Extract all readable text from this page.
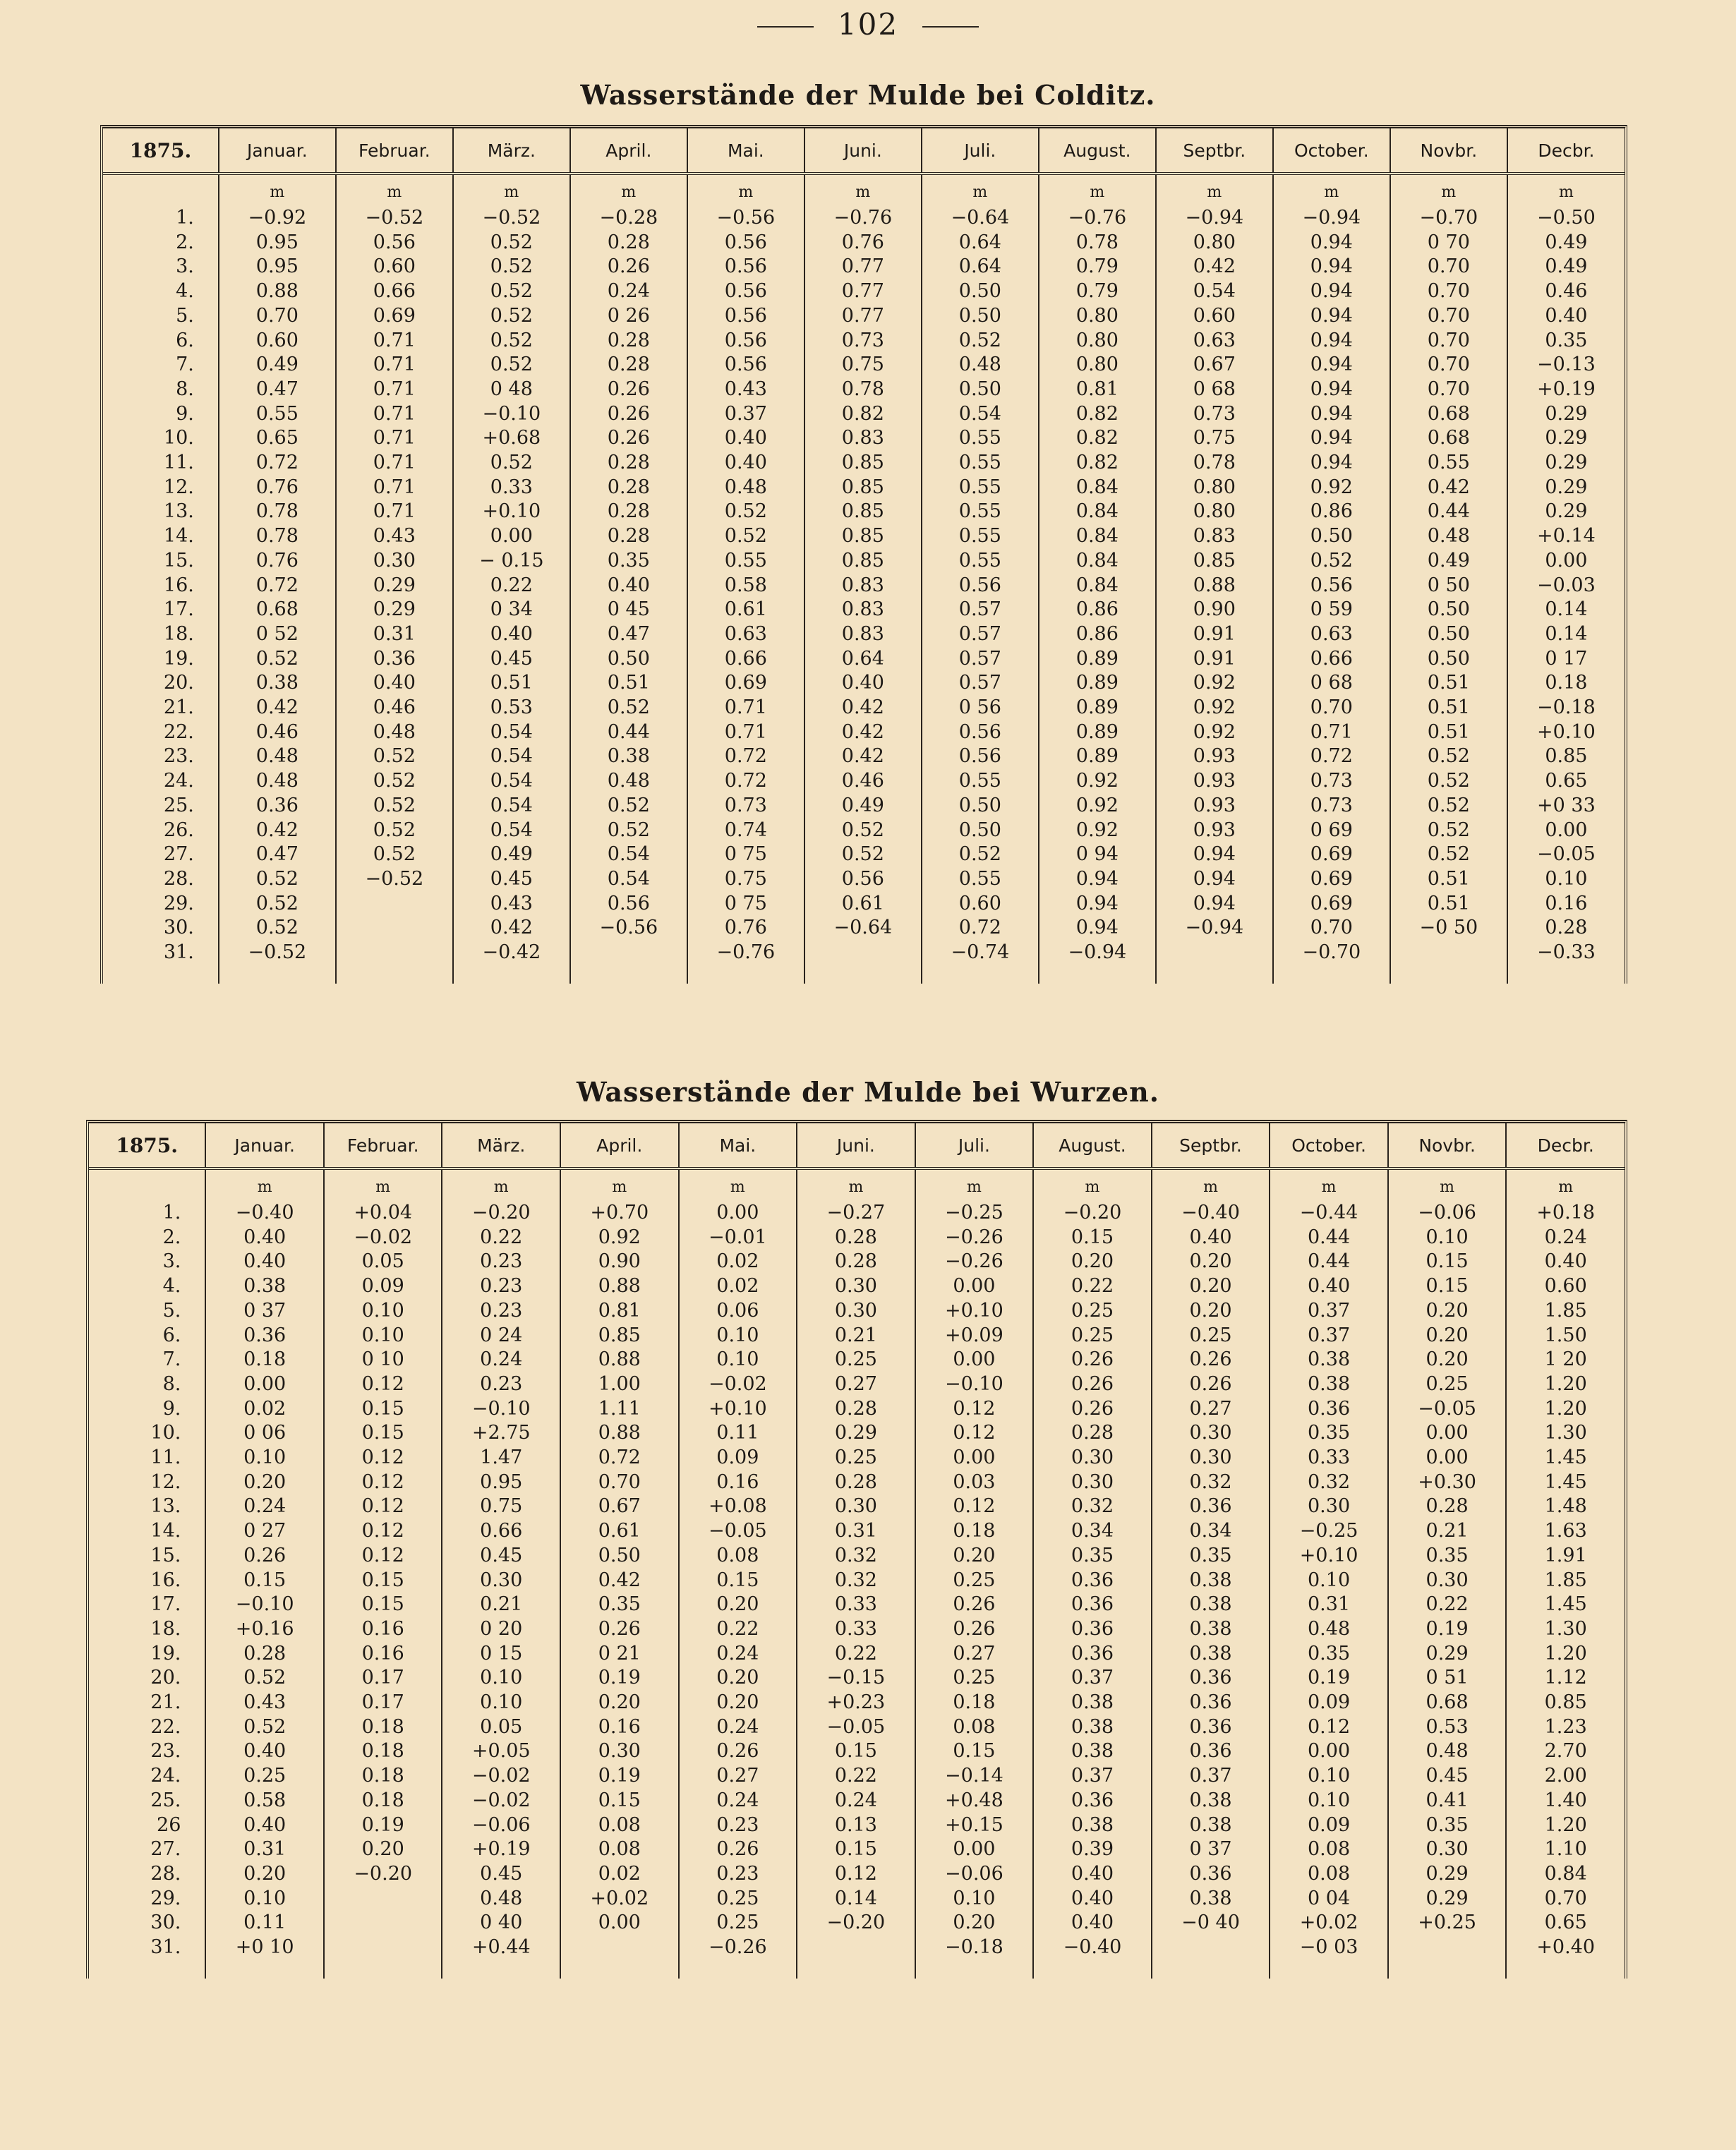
102
Wasserstände der Mulde bei Colditz.
1875.	Januar.	Februar.	März.	April.	Mai.	Juni.	Juli.	August.	Septbr.	October.	Novbr.	Decbr.
	m	m	m	m	m	m	m	m	m	m	m	m
1.	−0.92	−0.52	−0.52	−0.28	−0.56	−0.76	−0.64	−0.76	−0.94	−0.94	−0.70	−0.50
2.	0.95	0.56	0.52	0.28	0.56	0.76	0.64	0.78	0.80	0.94	0 70	0.49
3.	0.95	0.60	0.52	0.26	0.56	0.77	0.64	0.79	0.42	0.94	0.70	0.49
4.	0.88	0.66	0.52	0.24	0.56	0.77	0.50	0.79	0.54	0.94	0.70	0.46
5.	0.70	0.69	0.52	0 26	0.56	0.77	0.50	0.80	0.60	0.94	0.70	0.40
6.	0.60	0.71	0.52	0.28	0.56	0.73	0.52	0.80	0.63	0.94	0.70	0.35
7.	0.49	0.71	0.52	0.28	0.56	0.75	0.48	0.80	0.67	0.94	0.70	−0.13
8.	0.47	0.71	0 48	0.26	0.43	0.78	0.50	0.81	0 68	0.94	0.70	+0.19
9.	0.55	0.71	−0.10	0.26	0.37	0.82	0.54	0.82	0.73	0.94	0.68	0.29
10.	0.65	0.71	+0.68	0.26	0.40	0.83	0.55	0.82	0.75	0.94	0.68	0.29
11.	0.72	0.71	0.52	0.28	0.40	0.85	0.55	0.82	0.78	0.94	0.55	0.29
12.	0.76	0.71	0.33	0.28	0.48	0.85	0.55	0.84	0.80	0.92	0.42	0.29
13.	0.78	0.71	+0.10	0.28	0.52	0.85	0.55	0.84	0.80	0.86	0.44	0.29
14.	0.78	0.43	0.00	0.28	0.52	0.85	0.55	0.84	0.83	0.50	0.48	+0.14
15.	0.76	0.30	− 0.15	0.35	0.55	0.85	0.55	0.84	0.85	0.52	0.49	0.00
16.	0.72	0.29	0.22	0.40	0.58	0.83	0.56	0.84	0.88	0.56	0 50	−0.03
17.	0.68	0.29	0 34	0 45	0.61	0.83	0.57	0.86	0.90	0 59	0.50	0.14
18.	0 52	0.31	0.40	0.47	0.63	0.83	0.57	0.86	0.91	0.63	0.50	0.14
19.	0.52	0.36	0.45	0.50	0.66	0.64	0.57	0.89	0.91	0.66	0.50	0 17
20.	0.38	0.40	0.51	0.51	0.69	0.40	0.57	0.89	0.92	0 68	0.51	0.18
21.	0.42	0.46	0.53	0.52	0.71	0.42	0 56	0.89	0.92	0.70	0.51	−0.18
22.	0.46	0.48	0.54	0.44	0.71	0.42	0.56	0.89	0.92	0.71	0.51	+0.10
23.	0.48	0.52	0.54	0.38	0.72	0.42	0.56	0.89	0.93	0.72	0.52	0.85
24.	0.48	0.52	0.54	0.48	0.72	0.46	0.55	0.92	0.93	0.73	0.52	0.65
25.	0.36	0.52	0.54	0.52	0.73	0.49	0.50	0.92	0.93	0.73	0.52	+0 33
26.	0.42	0.52	0.54	0.52	0.74	0.52	0.50	0.92	0.93	0 69	0.52	0.00
27.	0.47	0.52	0.49	0.54	0 75	0.52	0.52	0 94	0.94	0.69	0.52	−0.05
28.	0.52	−0.52	0.45	0.54	0.75	0.56	0.55	0.94	0.94	0.69	0.51	0.10
29.	0.52		0.43	0.56	0 75	0.61	0.60	0.94	0.94	0.69	0.51	0.16
30.	0.52		0.42	−0.56	0.76	−0.64	0.72	0.94	−0.94	0.70	−0 50	0.28
31.	−0.52		−0.42		−0.76		−0.74	−0.94		−0.70		−0.33

Wasserstände der Mulde bei Wurzen.
1875.	Januar.	Februar.	März.	April.	Mai.	Juni.	Juli.	August.	Septbr.	October.	Novbr.	Decbr.
	m	m	m	m	m	m	m	m	m	m	m	m
1.	−0.40	+0.04	−0.20	+0.70	0.00	−0.27	−0.25	−0.20	−0.40	−0.44	−0.06	+0.18
2.	0.40	−0.02	0.22	0.92	−0.01	0.28	−0.26	0.15	0.40	0.44	0.10	0.24
3.	0.40	0.05	0.23	0.90	0.02	0.28	−0.26	0.20	0.20	0.44	0.15	0.40
4.	0.38	0.09	0.23	0.88	0.02	0.30	0.00	0.22	0.20	0.40	0.15	0.60
5.	0 37	0.10	0.23	0.81	0.06	0.30	+0.10	0.25	0.20	0.37	0.20	1.85
6.	0.36	0.10	0 24	0.85	0.10	0.21	+0.09	0.25	0.25	0.37	0.20	1.50
7.	0.18	0 10	0.24	0.88	0.10	0.25	0.00	0.26	0.26	0.38	0.20	1 20
8.	0.00	0.12	0.23	1.00	−0.02	0.27	−0.10	0.26	0.26	0.38	0.25	1.20
9.	0.02	0.15	−0.10	1.11	+0.10	0.28	0.12	0.26	0.27	0.36	−0.05	1.20
10.	0 06	0.15	+2.75	0.88	0.11	0.29	0.12	0.28	0.30	0.35	0.00	1.30
11.	0.10	0.12	1.47	0.72	0.09	0.25	0.00	0.30	0.30	0.33	0.00	1.45
12.	0.20	0.12	0.95	0.70	0.16	0.28	0.03	0.30	0.32	0.32	+0.30	1.45
13.	0.24	0.12	0.75	0.67	+0.08	0.30	0.12	0.32	0.36	0.30	0.28	1.48
14.	0 27	0.12	0.66	0.61	−0.05	0.31	0.18	0.34	0.34	−0.25	0.21	1.63
15.	0.26	0.12	0.45	0.50	0.08	0.32	0.20	0.35	0.35	+0.10	0.35	1.91
16.	0.15	0.15	0.30	0.42	0.15	0.32	0.25	0.36	0.38	0.10	0.30	1.85
17.	−0.10	0.15	0.21	0.35	0.20	0.33	0.26	0.36	0.38	0.31	0.22	1.45
18.	+0.16	0.16	0 20	0.26	0.22	0.33	0.26	0.36	0.38	0.48	0.19	1.30
19.	0.28	0.16	0 15	0 21	0.24	0.22	0.27	0.36	0.38	0.35	0.29	1.20
20.	0.52	0.17	0.10	0.19	0.20	−0.15	0.25	0.37	0.36	0.19	0 51	1.12
21.	0.43	0.17	0.10	0.20	0.20	+0.23	0.18	0.38	0.36	0.09	0.68	0.85
22.	0.52	0.18	0.05	0.16	0.24	−0.05	0.08	0.38	0.36	0.12	0.53	1.23
23.	0.40	0.18	+0.05	0.30	0.26	0.15	0.15	0.38	0.36	0.00	0.48	2.70
24.	0.25	0.18	−0.02	0.19	0.27	0.22	−0.14	0.37	0.37	0.10	0.45	2.00
25.	0.58	0.18	−0.02	0.15	0.24	0.24	+0.48	0.36	0.38	0.10	0.41	1.40
26	0.40	0.19	−0.06	0.08	0.23	0.13	+0.15	0.38	0.38	0.09	0.35	1.20
27.	0.31	0.20	+0.19	0.08	0.26	0.15	0.00	0.39	0 37	0.08	0.30	1.10
28.	0.20	−0.20	0.45	0.02	0.23	0.12	−0.06	0.40	0.36	0.08	0.29	0.84
29.	0.10		0.48	+0.02	0.25	0.14	0.10	0.40	0.38	0 04	0.29	0.70
30.	0.11		0 40	0.00	0.25	−0.20	0.20	0.40	−0 40	+0.02	+0.25	0.65
31.	+0 10		+0.44		−0.26		−0.18	−0.40		−0 03		+0.40
